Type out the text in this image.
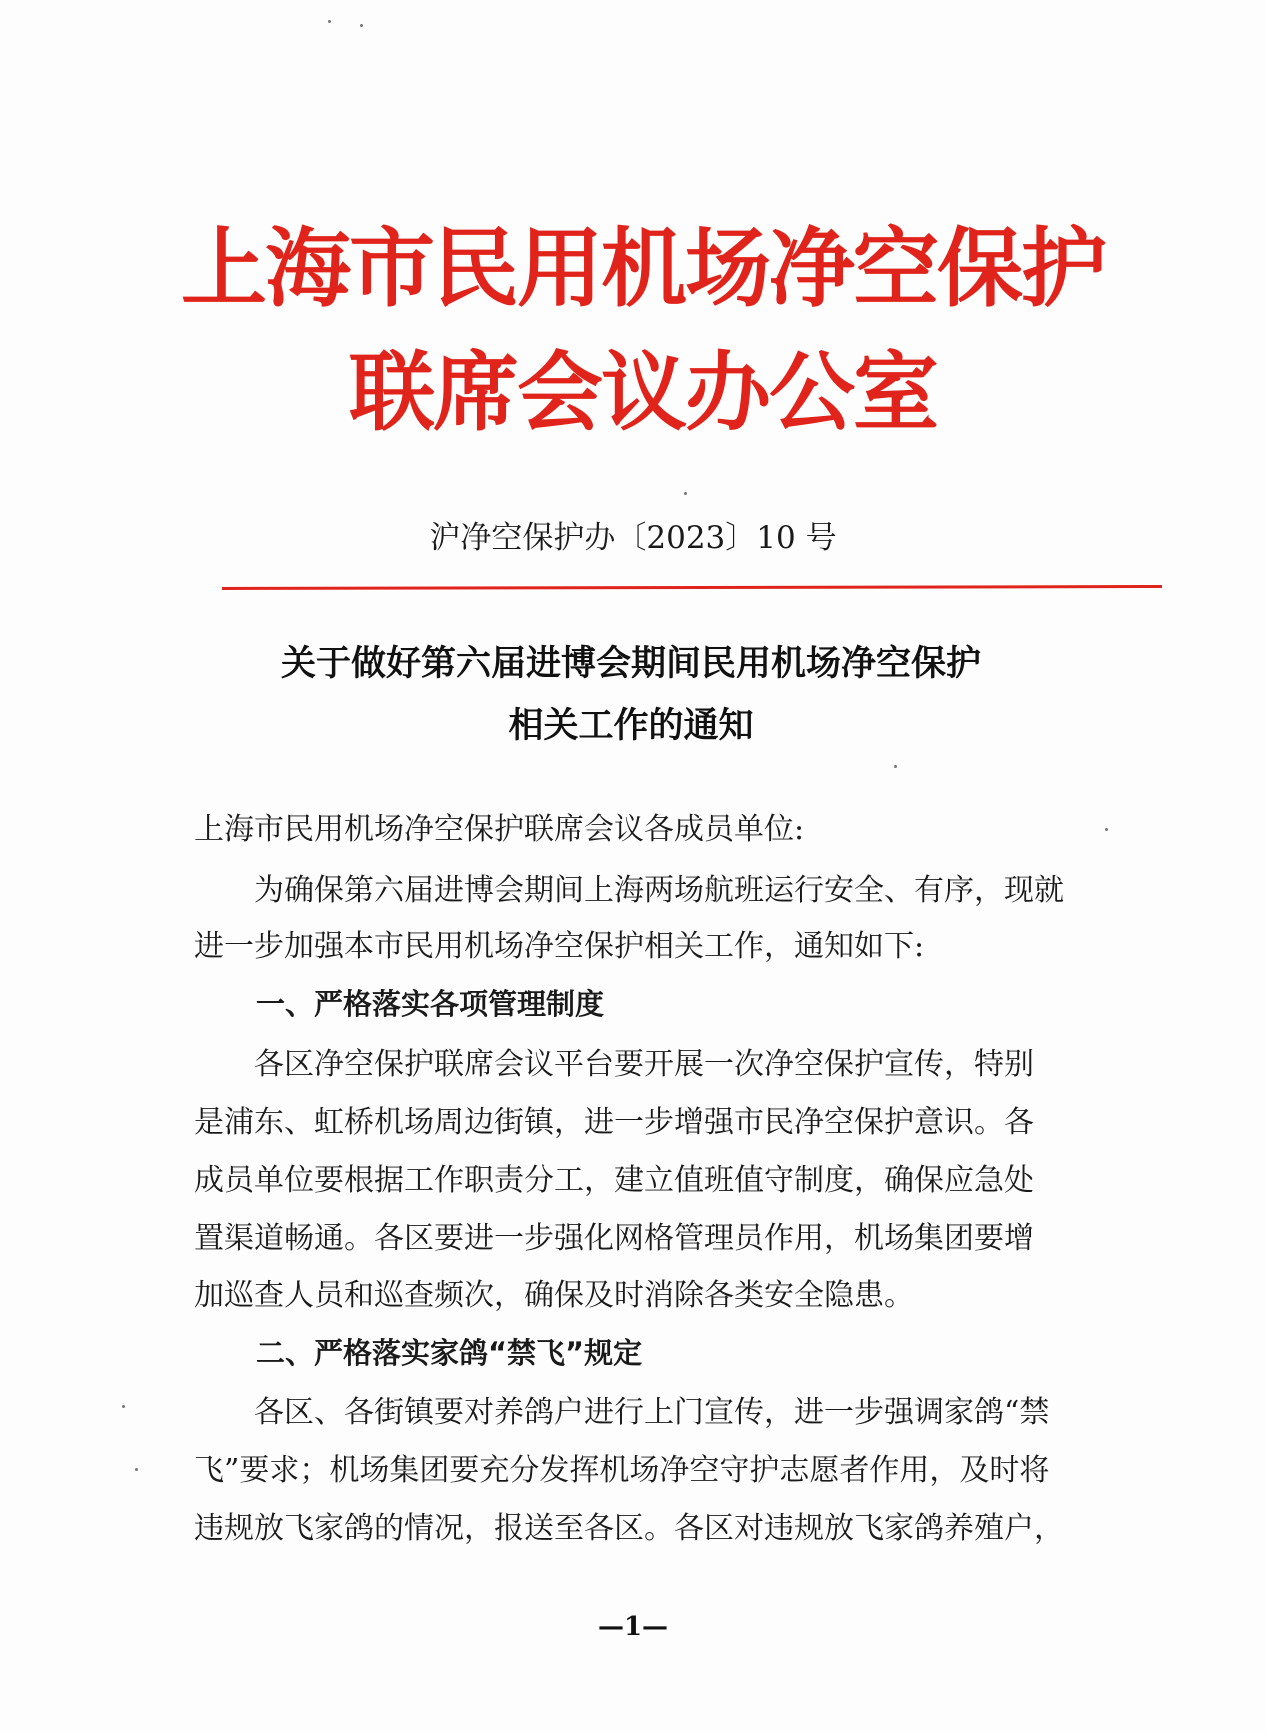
上海市民用机场净空保护
联席会议办公室
沪净空保护办〔2023〕10 号
关于做好第六届进博会期间民用机场净空保护
相关工作的通知
上海市民用机场净空保护联席会议各成员单位:
为确保第六届进博会期间上海两场航班运行安全、有序，现就
进一步加强本市民用机场净空保护相关工作，通知如下:
一、严格落实各项管理制度
各区净空保护联席会议平台要开展一次净空保护宣传，特别
是浦东、虹桥机场周边街镇，进一步增强市民净空保护意识。各
成员单位要根据工作职责分工，建立值班值守制度，确保应急处
置渠道畅通。各区要进一步强化网格管理员作用，机场集团要增
加巡查人员和巡查频次，确保及时消除各类安全隐患。
二、严格落实家鸽“禁飞”规定
各区、各街镇要对养鸽户进行上门宣传，进一步强调家鸽“禁
飞”要求；机场集团要充分发挥机场净空守护志愿者作用，及时将
违规放飞家鸽的情况，报送至各区。各区对违规放飞家鸽养殖户，
—1—
